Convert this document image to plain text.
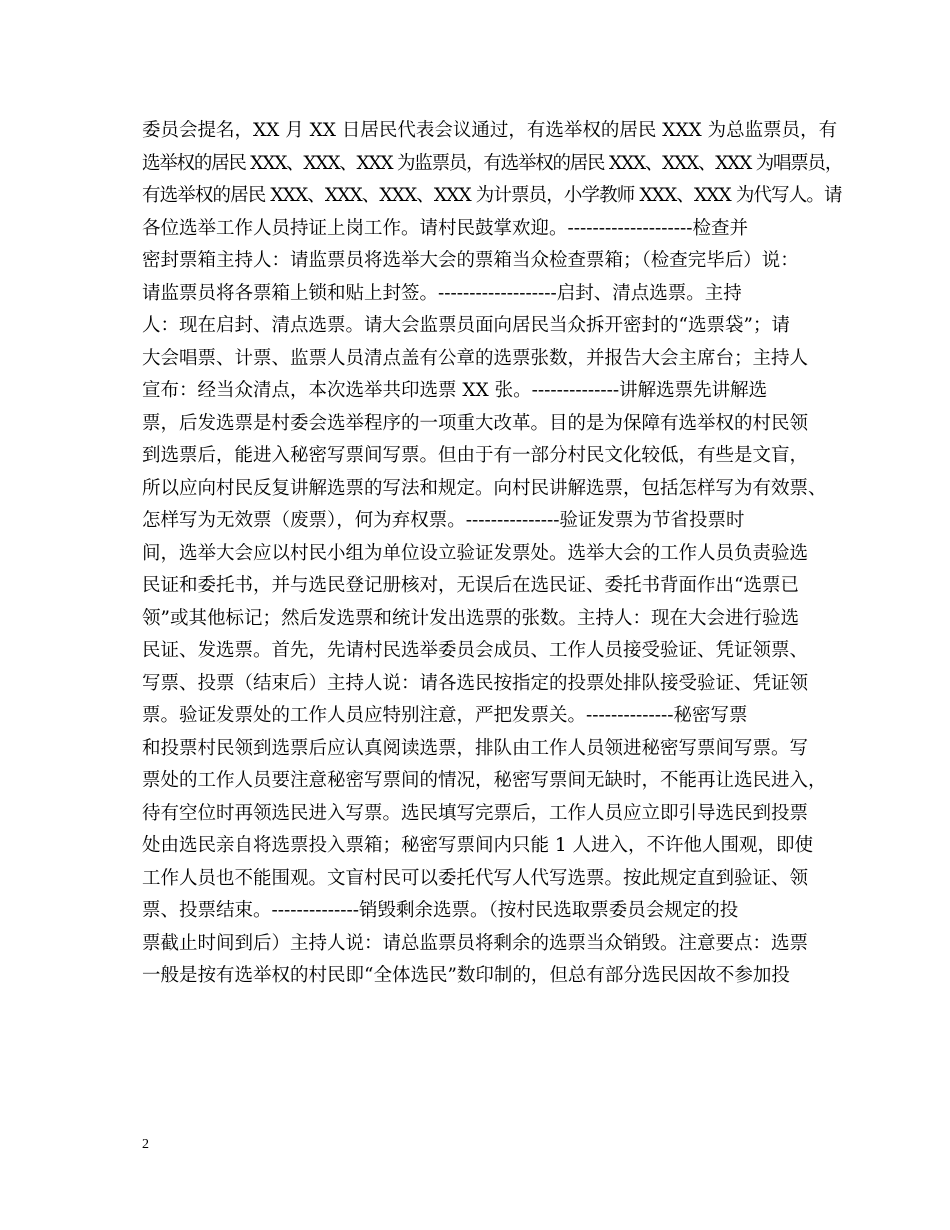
委员会提名，XX 月 XX 日居民代表会议通过，有选举权的居民 XXX 为总监票员，有
选举权的居民 XXX、XXX、XXX 为监票员，有选举权的居民 XXX、XXX、XXX 为唱票员，
有选举权的居民 XXX、XXX、XXX、XXX 为计票员，小学教师 XXX、XXX 为代写人。请
各位选举工作人员持证上岗工作。请村民鼓掌欢迎。--------------------检查并
密封票箱主持人：请监票员将选举大会的票箱当众检查票箱；（检查完毕后）说：
请监票员将各票箱上锁和贴上封签。-------------------启封、清点选票。主持
人：现在启封、清点选票。请大会监票员面向居民当众拆开密封的“选票袋”；请
大会唱票、计票、监票人员清点盖有公章的选票张数，并报告大会主席台；主持人
宣布：经当众清点，本次选举共印选票 XX 张。--------------讲解选票先讲解选
票，后发选票是村委会选举程序的一项重大改革。目的是为保障有选举权的村民领
到选票后，能进入秘密写票间写票。但由于有一部分村民文化较低，有些是文盲，
所以应向村民反复讲解选票的写法和规定。向村民讲解选票，包括怎样写为有效票、
怎样写为无效票（废票），何为弃权票。---------------验证发票为节省投票时
间，选举大会应以村民小组为单位设立验证发票处。选举大会的工作人员负责验选
民证和委托书，并与选民登记册核对，无误后在选民证、委托书背面作出“选票已
领”或其他标记；然后发选票和统计发出选票的张数。主持人：现在大会进行验选
民证、发选票。首先，先请村民选举委员会成员、工作人员接受验证、凭证领票、
写票、投票（结束后）主持人说：请各选民按指定的投票处排队接受验证、凭证领
票。验证发票处的工作人员应特别注意，严把发票关。--------------秘密写票
和投票村民领到选票后应认真阅读选票，排队由工作人员领进秘密写票间写票。写
票处的工作人员要注意秘密写票间的情况，秘密写票间无缺时，不能再让选民进入，
待有空位时再领选民进入写票。选民填写完票后，工作人员应立即引导选民到投票
处由选民亲自将选票投入票箱；秘密写票间内只能 1 人进入，不许他人围观，即使
工作人员也不能围观。文盲村民可以委托代写人代写选票。按此规定直到验证、领
票、投票结束。--------------销毁剩余选票。（按村民选取票委员会规定的投
票截止时间到后）主持人说：请总监票员将剩余的选票当众销毁。注意要点：选票
一般是按有选举权的村民即“全体选民”数印制的，但总有部分选民因故不参加投
2
